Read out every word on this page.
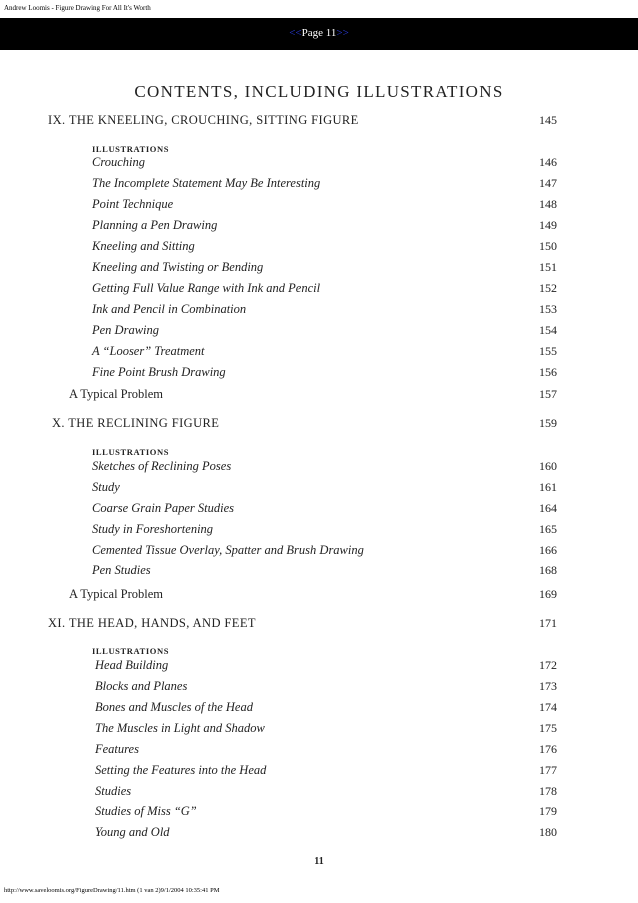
Andrew Loomis - Figure Drawing For All It's Worth
<<Page 11>>
CONTENTS, INCLUDING ILLUSTRATIONS
IX. THE KNEELING, CROUCHING, SITTING FIGURE	145
ILLUSTRATIONS
Crouching	146
The Incomplete Statement May Be Interesting	147
Point Technique	148
Planning a Pen Drawing	149
Kneeling and Sitting	150
Kneeling and Twisting or Bending	151
Getting Full Value Range with Ink and Pencil	152
Ink and Pencil in Combination	153
Pen Drawing	154
A “Looser” Treatment	155
Fine Point Brush Drawing	156
A Typical Problem	157
X. THE RECLINING FIGURE	159
ILLUSTRATIONS
Sketches of Reclining Poses	160
Study	161
Coarse Grain Paper Studies	164
Study in Foreshortening	165
Cemented Tissue Overlay, Spatter and Brush Drawing	166
Pen Studies	168
A Typical Problem	169
XI. THE HEAD, HANDS, AND FEET	171
ILLUSTRATIONS
Head Building	172
Blocks and Planes	173
Bones and Muscles of the Head	174
The Muscles in Light and Shadow	175
Features	176
Setting the Features into the Head	177
Studies	178
Studies of Miss “G”	179
Young and Old	180
11
http://www.saveloomis.org/FigureDrawing/11.htm (1 van 2)9/1/2004 10:35:41 PM
